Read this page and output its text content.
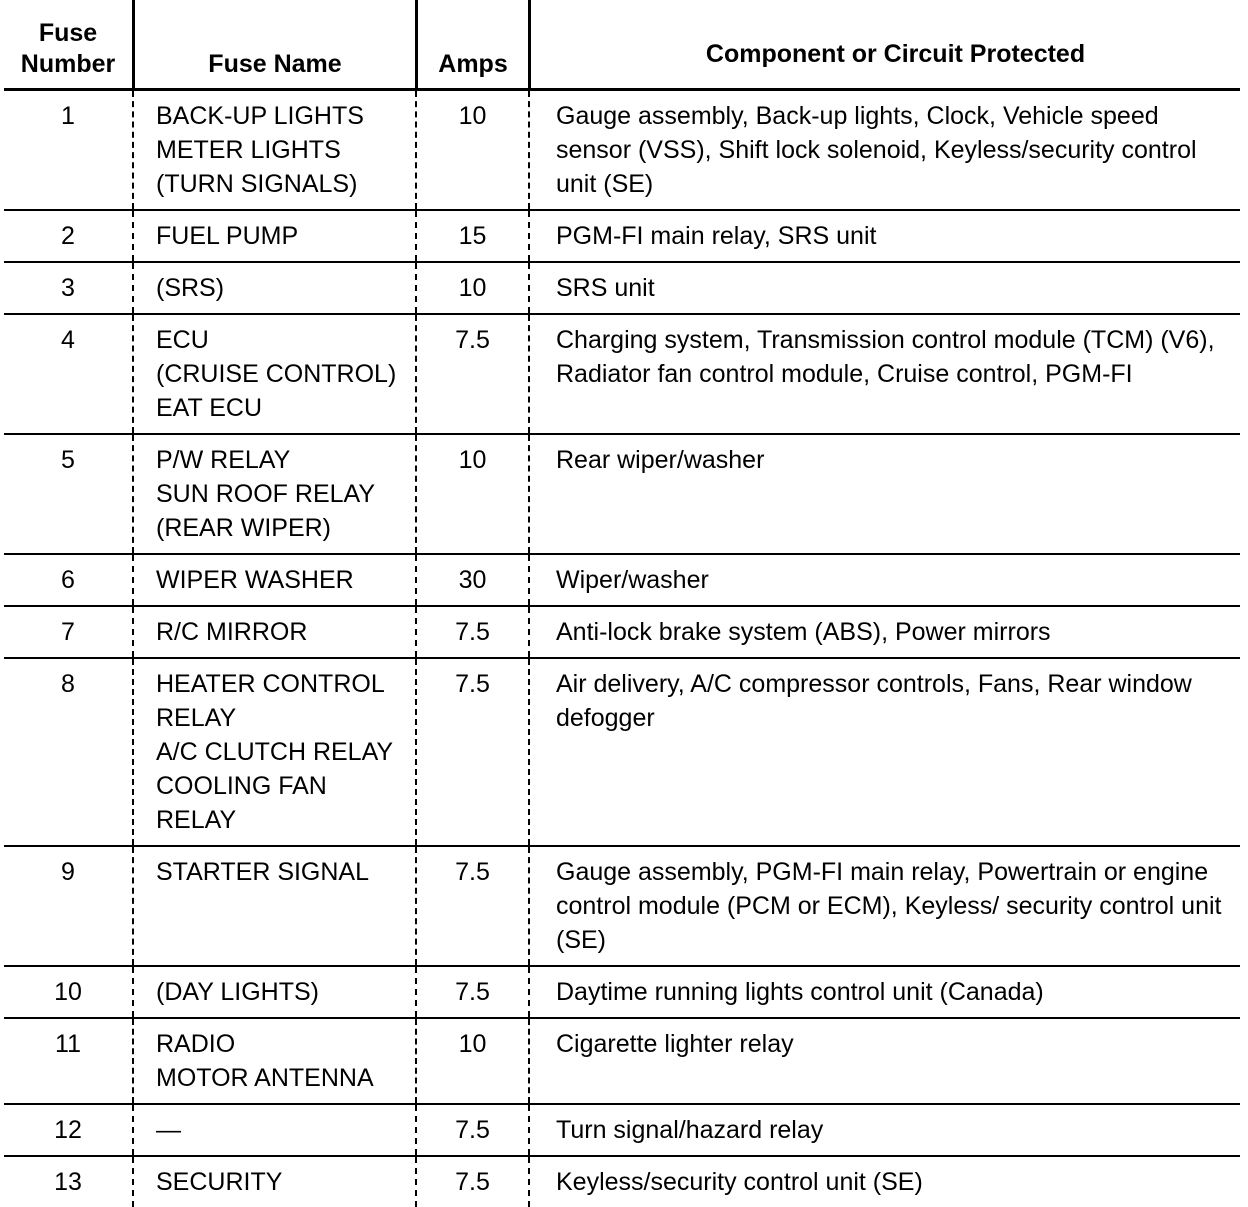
Fuse
Number	Fuse Name	Amps	Component or Circuit Protected
1	BACK-UP LIGHTS
METER LIGHTS
(TURN SIGNALS)
10	Gauge assembly, Back-up lights, Clock, Vehicle speed sensor (VSS), Shift lock solenoid, Keyless/security control unit (SE)
2	FUEL PUMP	15	PGM-FI main relay, SRS unit
3	(SRS)	10	SRS unit
4	ECU
(CRUISE CONTROL)
EAT ECU
7.5	Charging system, Transmission control module (TCM) (V6), Radiator fan control module, Cruise control, PGM-FI
5	P/W RELAY
SUN ROOF RELAY
(REAR WIPER)
10	Rear wiper/washer
6	WIPER WASHER	30	Wiper/washer
7	R/C MIRROR	7.5	Anti-lock brake system (ABS), Power mirrors
8	HEATER CONTROL
RELAY
A/C CLUTCH RELAY
COOLING FAN
RELAY
7.5	Air delivery, A/C compressor controls, Fans, Rear window defogger
9	STARTER SIGNAL	7.5	Gauge assembly, PGM-FI main relay, Powertrain or engine control module (PCM or ECM), Keyless/ security control unit (SE)
10	(DAY LIGHTS)	7.5	Daytime running lights control unit (Canada)
11	RADIO
MOTOR ANTENNA
10	Cigarette lighter relay
12	—	7.5	Turn signal/hazard relay
13	SECURITY	7.5	Keyless/security control unit (SE)
